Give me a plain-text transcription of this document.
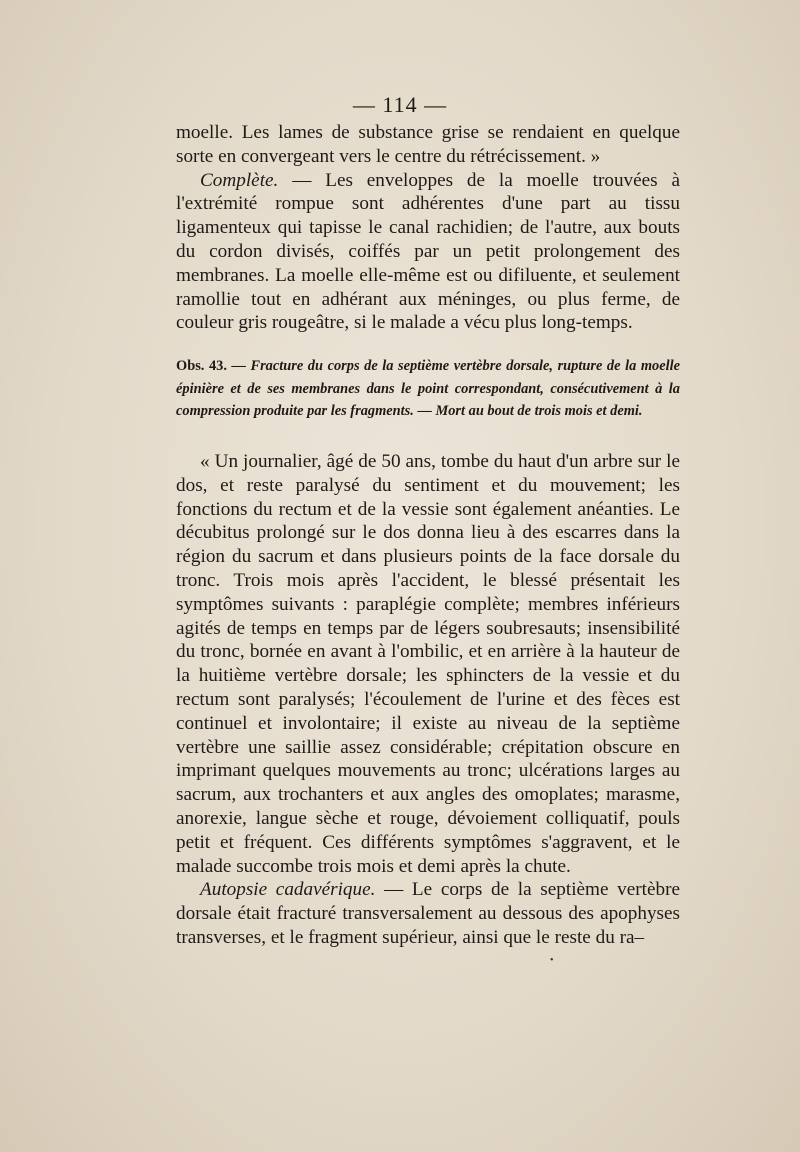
— 114 —

moelle. Les lames de substance grise se rendaient en quelque sorte en convergeant vers le centre du rétrécissement. »

Complète. — Les enveloppes de la moelle trouvées à l'extrémité rompue sont adhérentes d'une part au tissu ligamenteux qui tapisse le canal rachidien; de l'autre, aux bouts du cordon divisés, coiffés par un petit prolongement des membranes. La moelle elle-même est ou difiluente, et seulement ramollie tout en adhérant aux méninges, ou plus ferme, de couleur gris rougeâtre, si le malade a vécu plus long-temps.

Obs. 43. — Fracture du corps de la septième vertèbre dorsale, rupture de la moelle épinière et de ses membranes dans le point correspondant, consécutivement à la compression produite par les fragments. — Mort au bout de trois mois et demi.

« Un journalier, âgé de 50 ans, tombe du haut d'un arbre sur le dos, et reste paralysé du sentiment et du mouvement; les fonctions du rectum et de la vessie sont également anéanties. Le décubitus prolongé sur le dos donna lieu à des escarres dans la région du sacrum et dans plusieurs points de la face dorsale du tronc. Trois mois après l'accident, le blessé présentait les symptômes suivants : paraplégie complète; membres inférieurs agités de temps en temps par de légers soubresauts; insensibilité du tronc, bornée en avant à l'ombilic, et en arrière à la hauteur de la huitième vertèbre dorsale; les sphincters de la vessie et du rectum sont paralysés; l'écoulement de l'urine et des fèces est continuel et involontaire; il existe au niveau de la septième vertèbre une saillie assez considérable; crépitation obscure en imprimant quelques mouvements au tronc; ulcérations larges au sacrum, aux trochanters et aux angles des omoplates; marasme, anorexie, langue sèche et rouge, dévoiement colliquatif, pouls petit et fréquent. Ces différents symptômes s'aggravent, et le malade succombe trois mois et demi après la chute.

Autopsie cadavérique. — Le corps de la septième vertèbre dorsale était fracturé transversalement au dessous des apophyses transverses, et le fragment supérieur, ainsi que le reste du ra–

•
